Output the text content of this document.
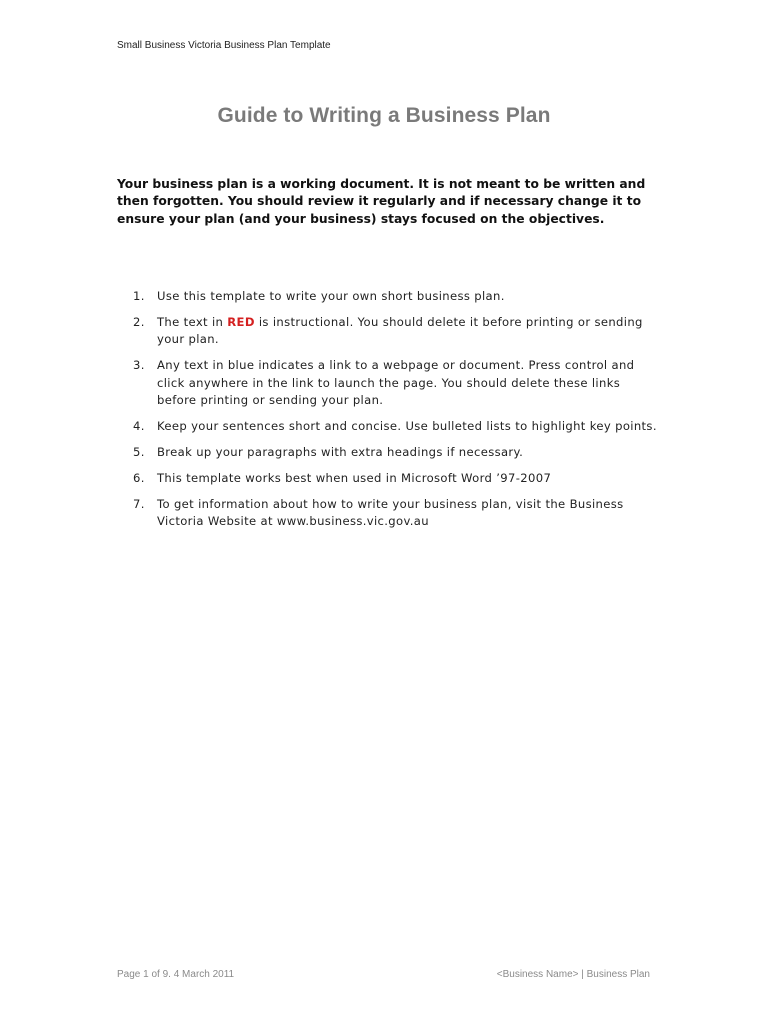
Small Business Victoria Business Plan Template
Guide to Writing a Business Plan
Your business plan is a working document. It is not meant to be written and then forgotten. You should review it regularly and if necessary change it to ensure your plan (and your business) stays focused on the objectives.
1. Use this template to write your own short business plan.
2. The text in RED is instructional. You should delete it before printing or sending your plan.
3. Any text in blue indicates a link to a webpage or document. Press control and click anywhere in the link to launch the page. You should delete these links before printing or sending your plan.
4. Keep your sentences short and concise. Use bulleted lists to highlight key points.
5. Break up your paragraphs with extra headings if necessary.
6. This template works best when used in Microsoft Word ’97-2007
7. To get information about how to write your business plan, visit the Business Victoria Website at www.business.vic.gov.au
Page 1 of 9. 4 March 2011	<Business Name> | Business Plan
